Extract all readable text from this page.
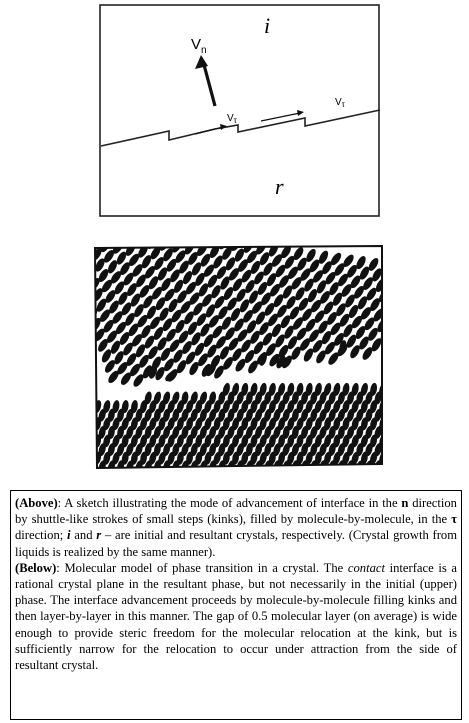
i
r
$V_n$
$V_\tau$
$V_\tau$

(Above): A sketch illustrating the mode of advancement of interface in the n direction by shuttle-like strokes of small steps (kinks), filled by molecule-by-molecule, in the τ direction; i and r – are initial and resultant crystals, respectively. (Crystal growth from liquids is realized by the same manner).

(Below): Molecular model of phase transition in a crystal. The contact interface is a rational crystal plane in the resultant phase, but not necessarily in the initial (upper) phase. The interface advancement proceeds by molecule-by-molecule filling kinks and then layer-by-layer in this manner. The gap of 0.5 molecular layer (on average) is wide enough to provide steric freedom for the molecular relocation at the kink, but is sufficiently narrow for the relocation to occur under attraction from the side of resultant crystal.
